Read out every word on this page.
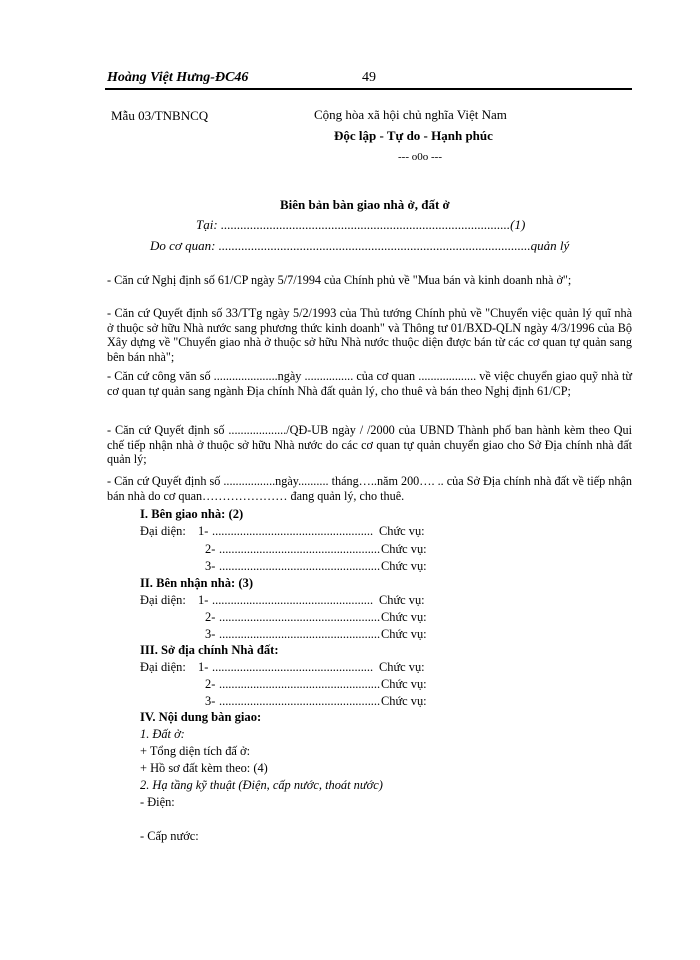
Hoàng Việt Hưng-ĐC46	49
Mẫu 03/TNBNCQ	Cộng hòa xã hội chủ nghĩa Việt Nam
Độc lập - Tự do - Hạnh phúc
--- o0o ---
Biên bản bàn giao nhà ở, đất ở
Tại: .........................................................................................(1)
Do cơ quan: ................................................................................................quản lý
- Căn cứ Nghị định số 61/CP ngày 5/7/1994 của Chính phủ về "Mua bán và kinh doanh nhà ở";
- Căn cứ Quyết định số 33/TTg ngày 5/2/1993 của Thủ tướng Chính phủ về "Chuyển việc quản lý quĩ nhà ở thuộc sở hữu Nhà nước sang phương thức kinh doanh" và Thông tư 01/BXD-QLN ngày 4/3/1996 của Bộ Xây dựng về "Chuyển giao nhà ở thuộc sở hữu Nhà nước thuộc diện được bán từ các cơ quan tự quản sang bên bán nhà";
- Căn cứ công văn số .....................ngày ................ của cơ quan ................... về việc chuyển giao quỹ nhà từ cơ quan tự quản sang ngành Địa chính Nhà đất quản lý, cho thuê và bán theo Nghị định 61/CP;
- Căn cứ Quyết định số .................../QĐ-UB ngày / /2000 của UBND Thành phố ban hành kèm theo Qui chế tiếp nhận nhà ở thuộc sở hữu Nhà nước do các cơ quan tự quản chuyển giao cho Sở Địa chính nhà đất quản lý;
- Căn cứ Quyết định số .................ngày.......... tháng…..năm 200…. .. của Sở Địa chính nhà đất về tiếp nhận bán nhà do cơ quan………………… đang quản lý, cho thuê.
I. Bên giao nhà: (2)
Đại diện: 1- .................................................... Chức vụ:
2- .................................................... Chức vụ:
3- .................................................... Chức vụ:
II. Bên nhận nhà: (3)
Đại diện: 1- .................................................... Chức vụ:
2- .................................................... Chức vụ:
3- .................................................... Chức vụ:
III. Sở địa chính Nhà đất:
Đại diện: 1- .................................................... Chức vụ:
2- .................................................... Chức vụ:
3- .................................................... Chức vụ:
IV. Nội dung bàn giao:
1. Đất ở:
+ Tổng diện tích đấ ở:
+ Hồ sơ đất kèm theo: (4)
2. Hạ tầng kỹ thuật (Điện, cấp nước, thoát nước)
- Điện:
- Cấp nước:
